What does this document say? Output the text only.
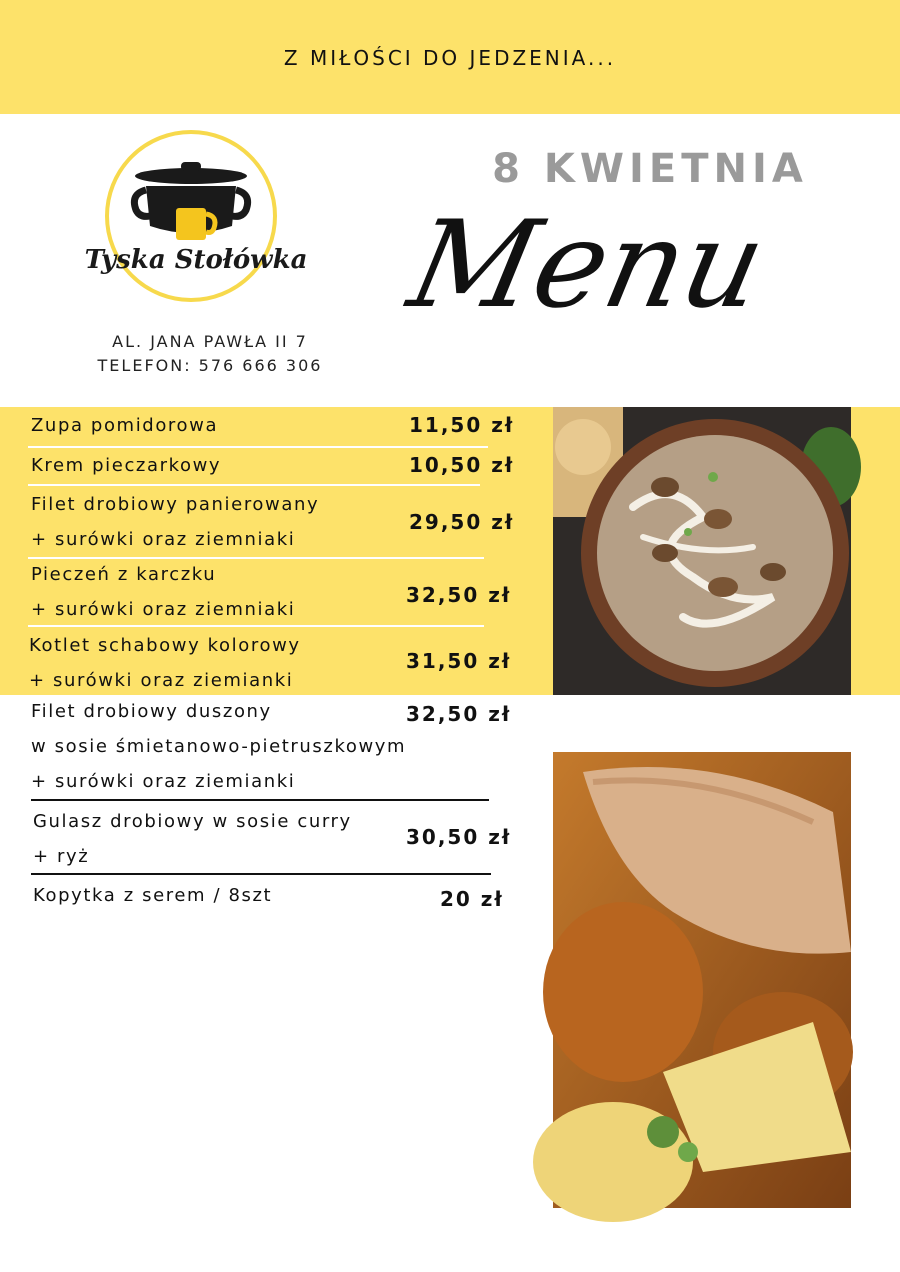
Z MIŁOŚCI DO JEDZENIA...
Tyska Stołówka
AL. JANA PAWŁA II 7
TELEFON: 576 666 306
8 KWIETNIA
Menu
Zupa pomidorowa	11,50 zł
Krem pieczarkowy	10,50 zł
Filet drobiowy panierowany
+ surówki oraz ziemniaki
29,50 zł
Pieczeń z karczku
+ surówki oraz ziemniaki
32,50 zł
Kotlet schabowy kolorowy
+ surówki oraz ziemianki
31,50 zł
Filet drobiowy duszony
w sosie śmietanowo-pietruszkowym
+ surówki oraz ziemianki
32,50 zł
Gulasz drobiowy w sosie curry
+ ryż
30,50 zł
Kopytka z serem / 8szt	20 zł
